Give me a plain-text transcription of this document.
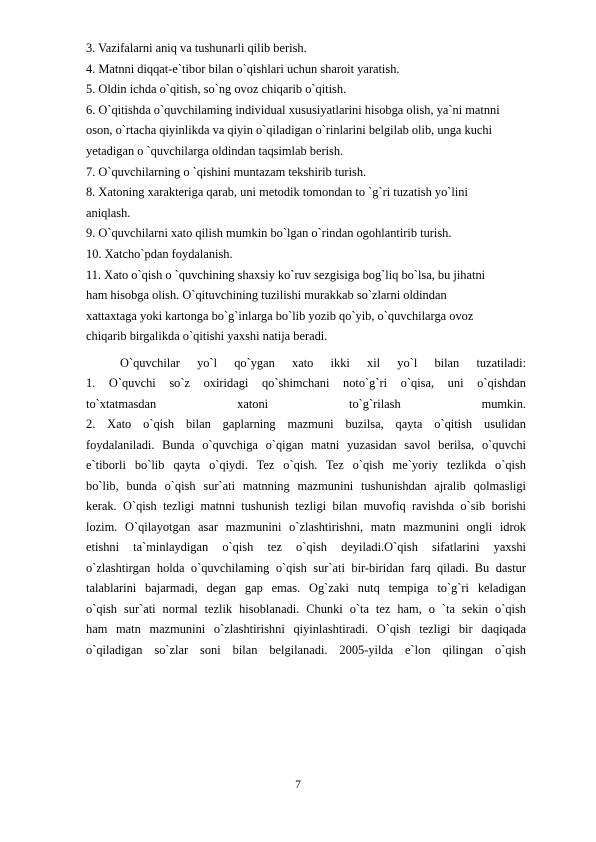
3. Vazifalarni aniq va tushunarli qilib berish.
4. Matnni diqqat-e`tibor bilan o`qishlari uchun sharoit yaratish.
5. Oldin ichda o`qitish, so`ng ovoz chiqarib o`qitish.
6. O`qitishda o`quvchilaming individual xususiyatlarini hisobga olish, ya`ni matnni
oson, o`rtacha qiyinlikda va qiyin o`qiladigan o`rinlarini belgilab olib, unga kuchi
yetadigan o `quvchilarga oldindan taqsimlab berish.
7. O`quvchilarning o `qishini muntazam tekshirib turish.
8. Xatoning xarakteriga qarab, uni metodik tomondan to `g`ri tuzatish yo`lini
aniqlash.
9. O`quvchilarni xato qilish mumkin bo`lgan o`rindan ogohlantirib turish.
10. Xatcho`pdan foydalanish.
11. Xato o`qish o `quvchining shaxsiy ko`ruv sezgisiga bog`liq bo`lsa, bu jihatni
ham hisobga olish. O`qituvchining tuzilishi murakkab so`zlarni oldindan
xattaxtaga yoki kartonga bo`g`inlarga bo`lib yozib qo`yib, o`quvchilarga ovoz
chiqarib birgalikda o`qitishi yaxshi natija beradi.
O`quvchilar yo`l qo`ygan xato ikki xil yo`l bilan tuzatiladi:
1. O`quvchi so`z oxiridagi qo`shimchani noto`g`ri o`qisa, uni o`qishdan
to`xtatmasdan xatoni to`g`rilash mumkin.
2. Xato o`qish bilan gaplarning mazmuni buzilsa, qayta o`qitish usulidan
foydalaniladi. Bunda o`quvchiga o`qigan matni yuzasidan savol berilsa, o`quvchi
e`tiborli bo`lib qayta o`qiydi. Tez o`qish. Tez o`qish me`yoriy tezlikda o`qish
bo`lib, bunda o`qish sur`ati matnning mazmunini tushunishdan ajralib qolmasligi
kerak. O`qish tezligi matnni tushunish tezligi bilan muvofiq ravishda o`sib borishi
lozim. O`qilayotgan asar mazmunini o`zlashtirishni, matn mazmunini ongli idrok
etishni ta`minlaydigan o`qish tez o`qish deyiladi.O`qish sifatlarini yaxshi
o`zlashtirgan holda o`quvchilaming o`qish sur`ati bir-biridan farq qiladi. Bu dastur
talablarini bajarmadi, degan gap emas. Og`zaki nutq tempiga to`g`ri keladigan
o`qish sur`ati normal tezlik hisoblanadi. Chunki o`ta tez ham, o `ta sekin o`qish
ham matn mazmunini o`zlashtirishni qiyinlashtiradi. O`qish tezligi bir daqiqada
o`qiladigan so`zlar soni bilan belgilanadi. 2005-yilda e`lon qilingan o`qish
7
